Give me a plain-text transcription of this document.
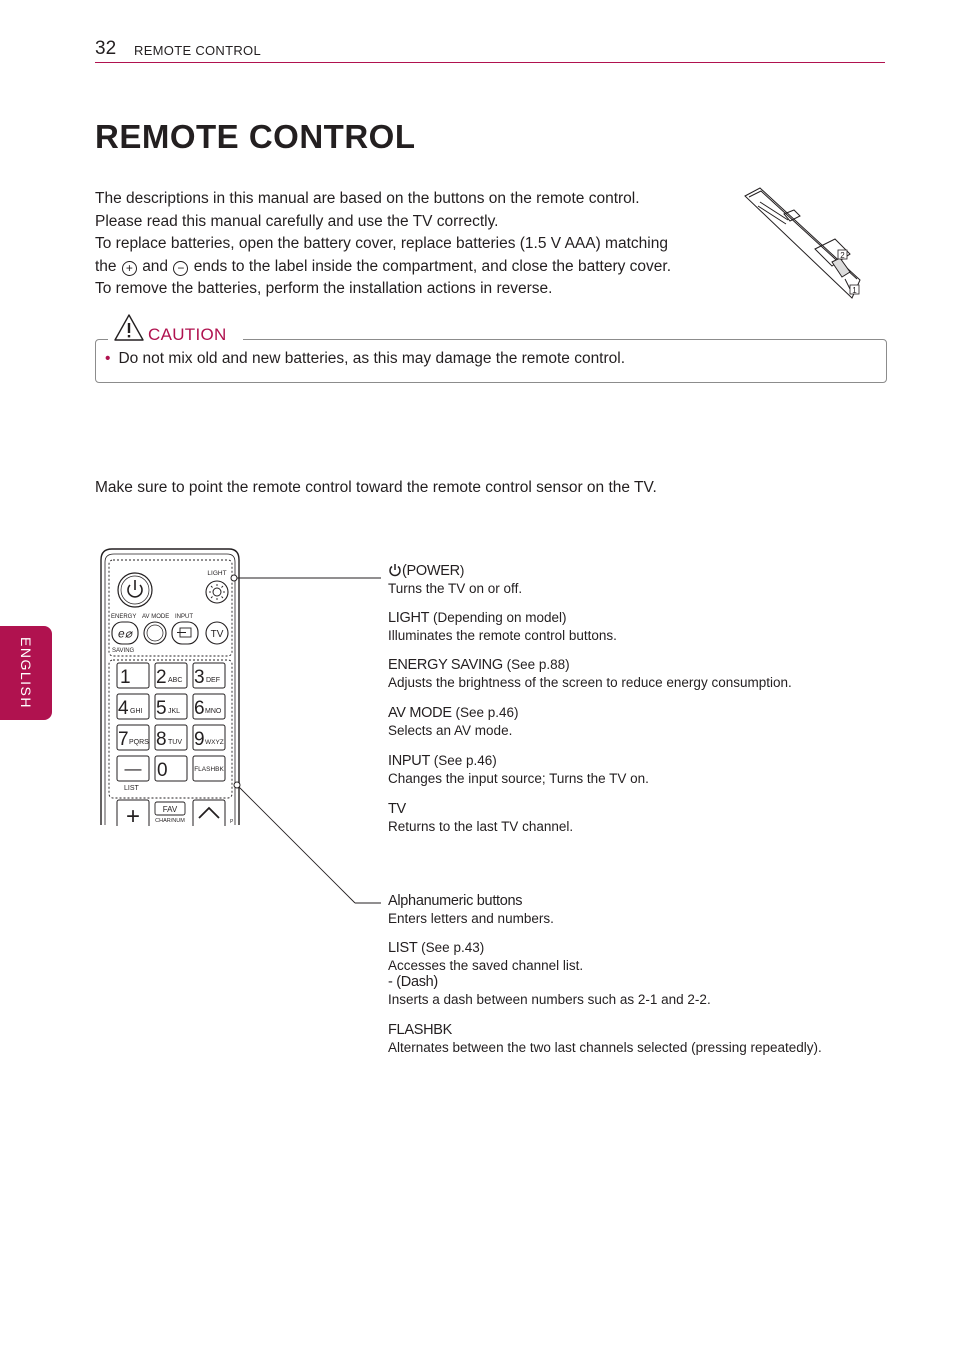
32 REMOTE CONTROL
REMOTE CONTROL

The descriptions in this manual are based on the buttons on the remote control.

Please read this manual carefully and use the TV correctly.

To replace batteries, open the battery cover, replace batteries (1.5 V AAA) matching

the + and − ends to the label inside the compartment, and close the battery cover.

To remove the batteries, perform the installation actions in reverse.

2
1
CAUTION
• Do not mix old and new batteries, as this may damage the remote control.
Make sure to point the remote control toward the remote control sensor on the TV.
ENGLISH
LIGHT
ENERGY AV MODE INPUT
e⌀
SAVING
TV
1 2 ABC 3 DEF
4 GHI 5 JKL 6 MNO
7 PQRS 8 TUV 9 WXYZ
—
LIST
0	FLASHBK
+	FAV
CHAR/NUM	P
(POWER)
Turns the TV on or off.
LIGHT (Depending on model)
Illuminates the remote control buttons.
ENERGY SAVING (See p.88)
Adjusts the brightness of the screen to reduce energy consumption.
AV MODE (See p.46)
Selects an AV mode.
INPUT (See p.46)
Changes the input source; Turns the TV on.
TV
Returns to the last TV channel.
Alphanumeric buttons
Enters letters and numbers.
LIST (See p.43)
Accesses the saved channel list.
- (Dash)
Inserts a dash between numbers such as 2-1 and 2-2.
FLASHBK
Alternates between the two last channels selected (pressing repeatedly).
